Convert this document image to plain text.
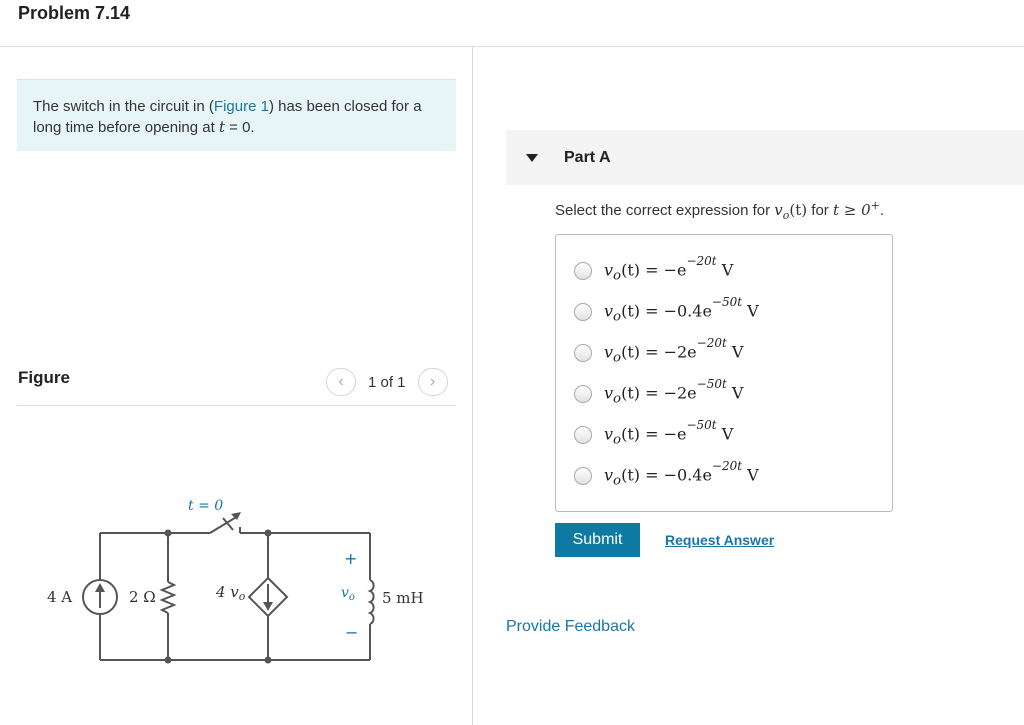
Problem 7.14
The switch in the circuit in (Figure 1) has been closed for a long time before opening at t = 0.
Figure	‹	1 of 1	›
t = 0
4 A	2 Ω	4 $v_o$
+
$v_o$
−
5 mH
Part A
Select the correct expression for $v_o(t)$ for t ≥ 0+.
$v_o(t) = -e^{-20t}$ V
$v_o(t) = -0.4e^{-50t}$ V
$v_o(t) = -2e^{-20t}$ V
$v_o(t) = -2e^{-50t}$ V
$v_o(t) = -e^{-50t}$ V
$v_o(t) = -0.4e^{-20t}$ V
Submit	Request Answer
Provide Feedback
